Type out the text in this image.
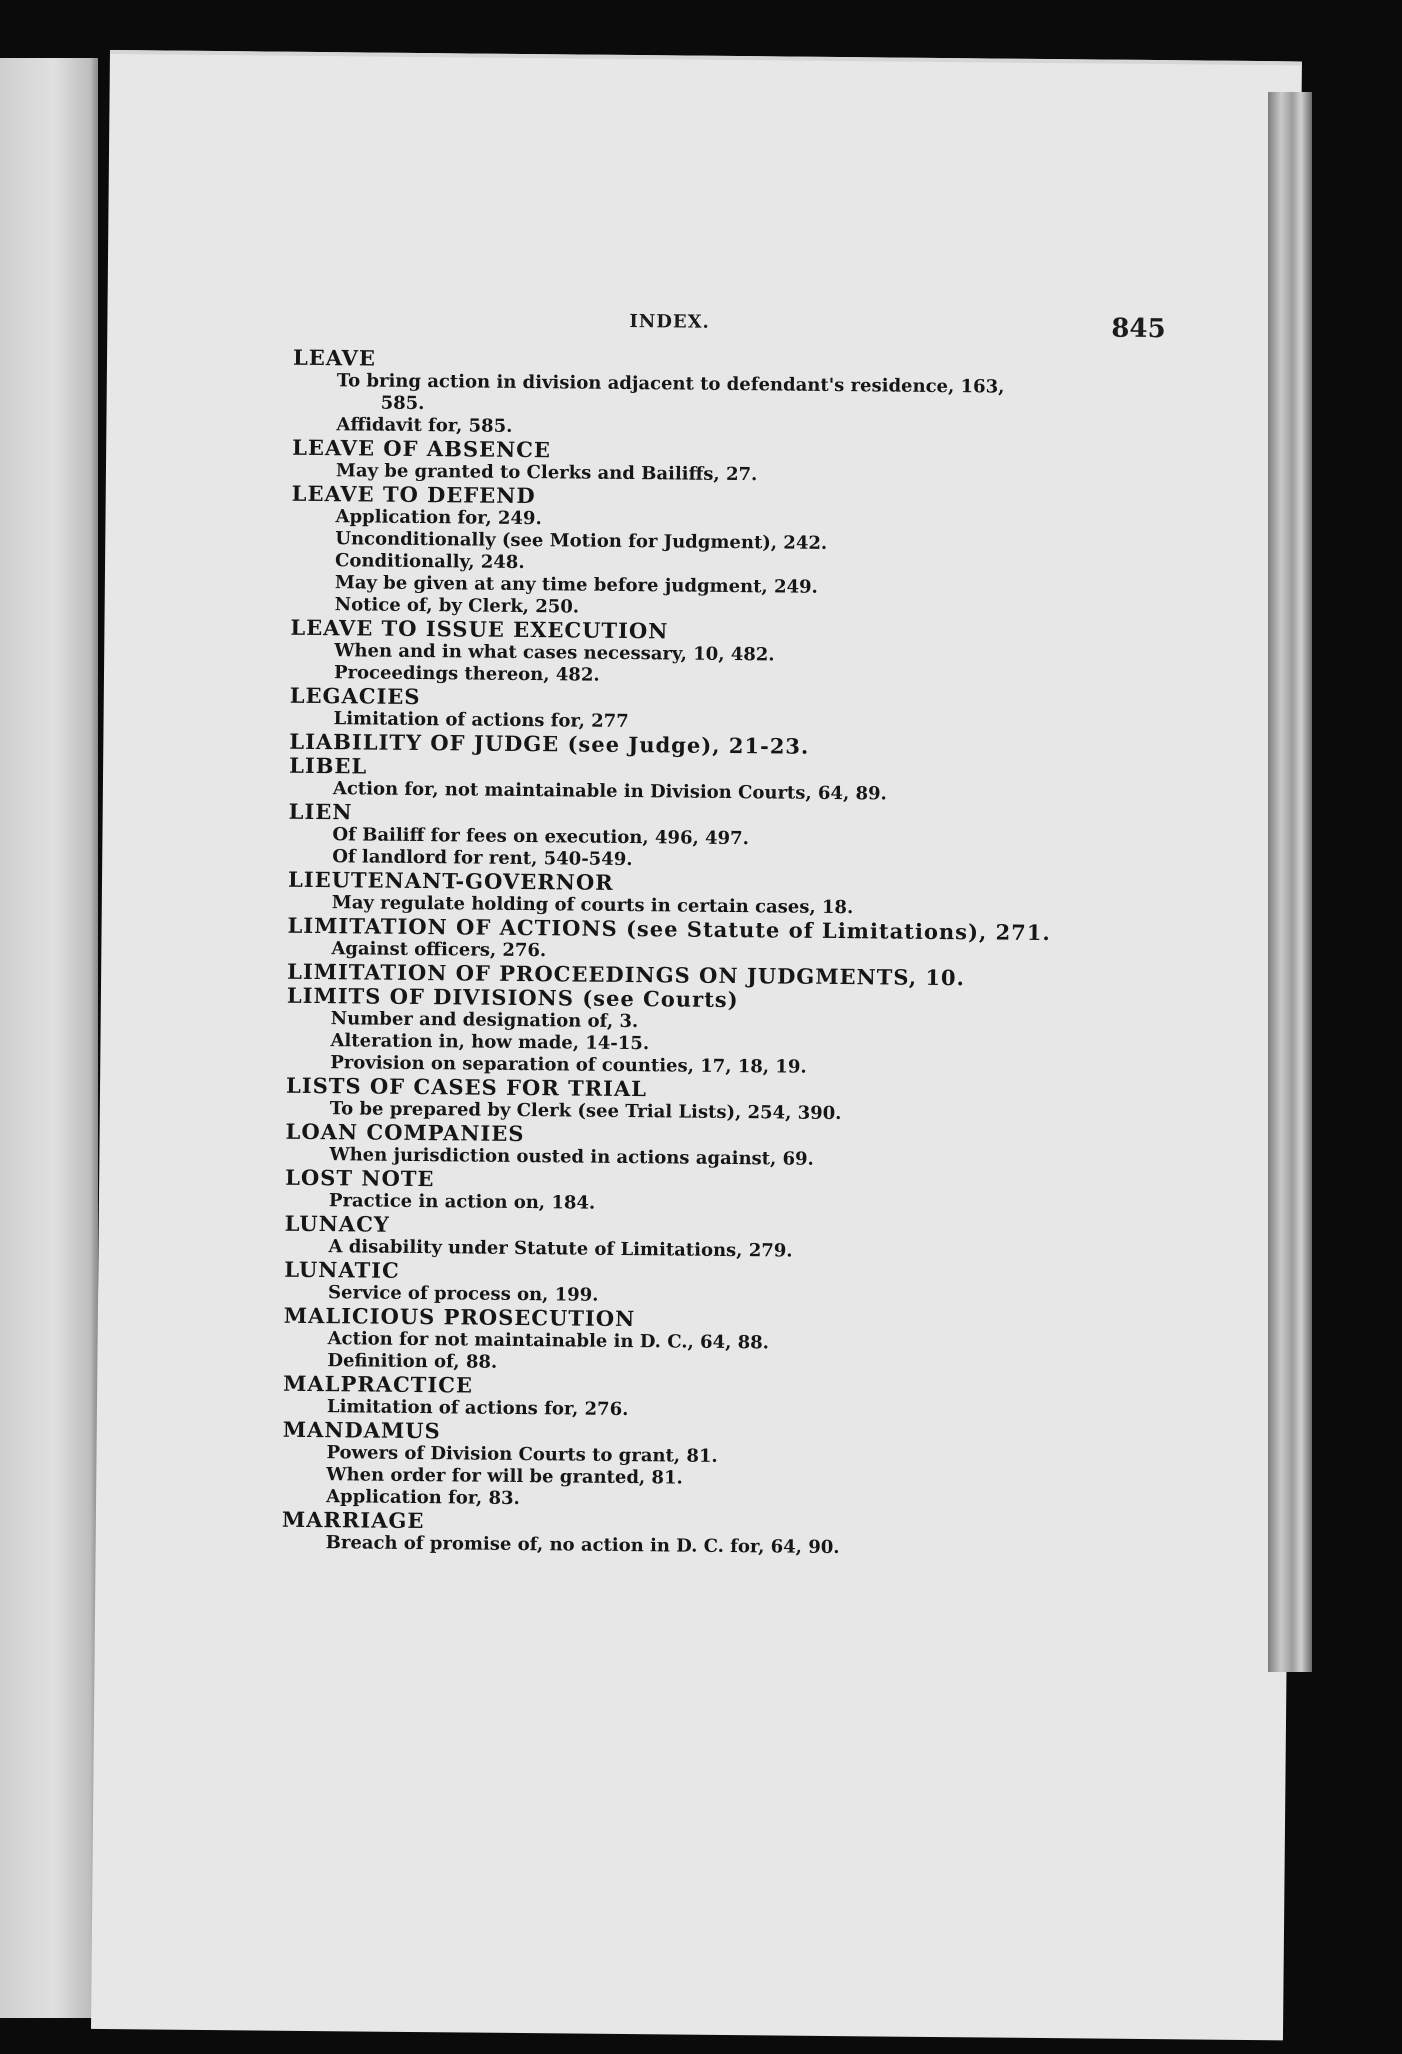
INDEX.	845
LEAVE
To bring action in division adjacent to defendant's residence, 163,
585.
Affidavit for, 585.
LEAVE OF ABSENCE
May be granted to Clerks and Bailiffs, 27.
LEAVE TO DEFEND
Application for, 249.
Unconditionally (see Motion for Judgment), 242.
Conditionally, 248.
May be given at any time before judgment, 249.
Notice of, by Clerk, 250.
LEAVE TO ISSUE EXECUTION
When and in what cases necessary, 10, 482.
Proceedings thereon, 482.
LEGACIES
Limitation of actions for, 277
LIABILITY OF JUDGE (see Judge), 21-23.
LIBEL
Action for, not maintainable in Division Courts, 64, 89.
LIEN
Of Bailiff for fees on execution, 496, 497.
Of landlord for rent, 540-549.
LIEUTENANT-GOVERNOR
May regulate holding of courts in certain cases, 18.
LIMITATION OF ACTIONS (see Statute of Limitations), 271.
Against officers, 276.
LIMITATION OF PROCEEDINGS ON JUDGMENTS, 10.
LIMITS OF DIVISIONS (see Courts)
Number and designation of, 3.
Alteration in, how made, 14-15.
Provision on separation of counties, 17, 18, 19.
LISTS OF CASES FOR TRIAL
To be prepared by Clerk (see Trial Lists), 254, 390.
LOAN COMPANIES
When jurisdiction ousted in actions against, 69.
LOST NOTE
Practice in action on, 184.
LUNACY
A disability under Statute of Limitations, 279.
LUNATIC
Service of process on, 199.
MALICIOUS PROSECUTION
Action for not maintainable in D. C., 64, 88.
Definition of, 88.
MALPRACTICE
Limitation of actions for, 276.
MANDAMUS
Powers of Division Courts to grant, 81.
When order for will be granted, 81.
Application for, 83.
MARRIAGE
Breach of promise of, no action in D. C. for, 64, 90.
